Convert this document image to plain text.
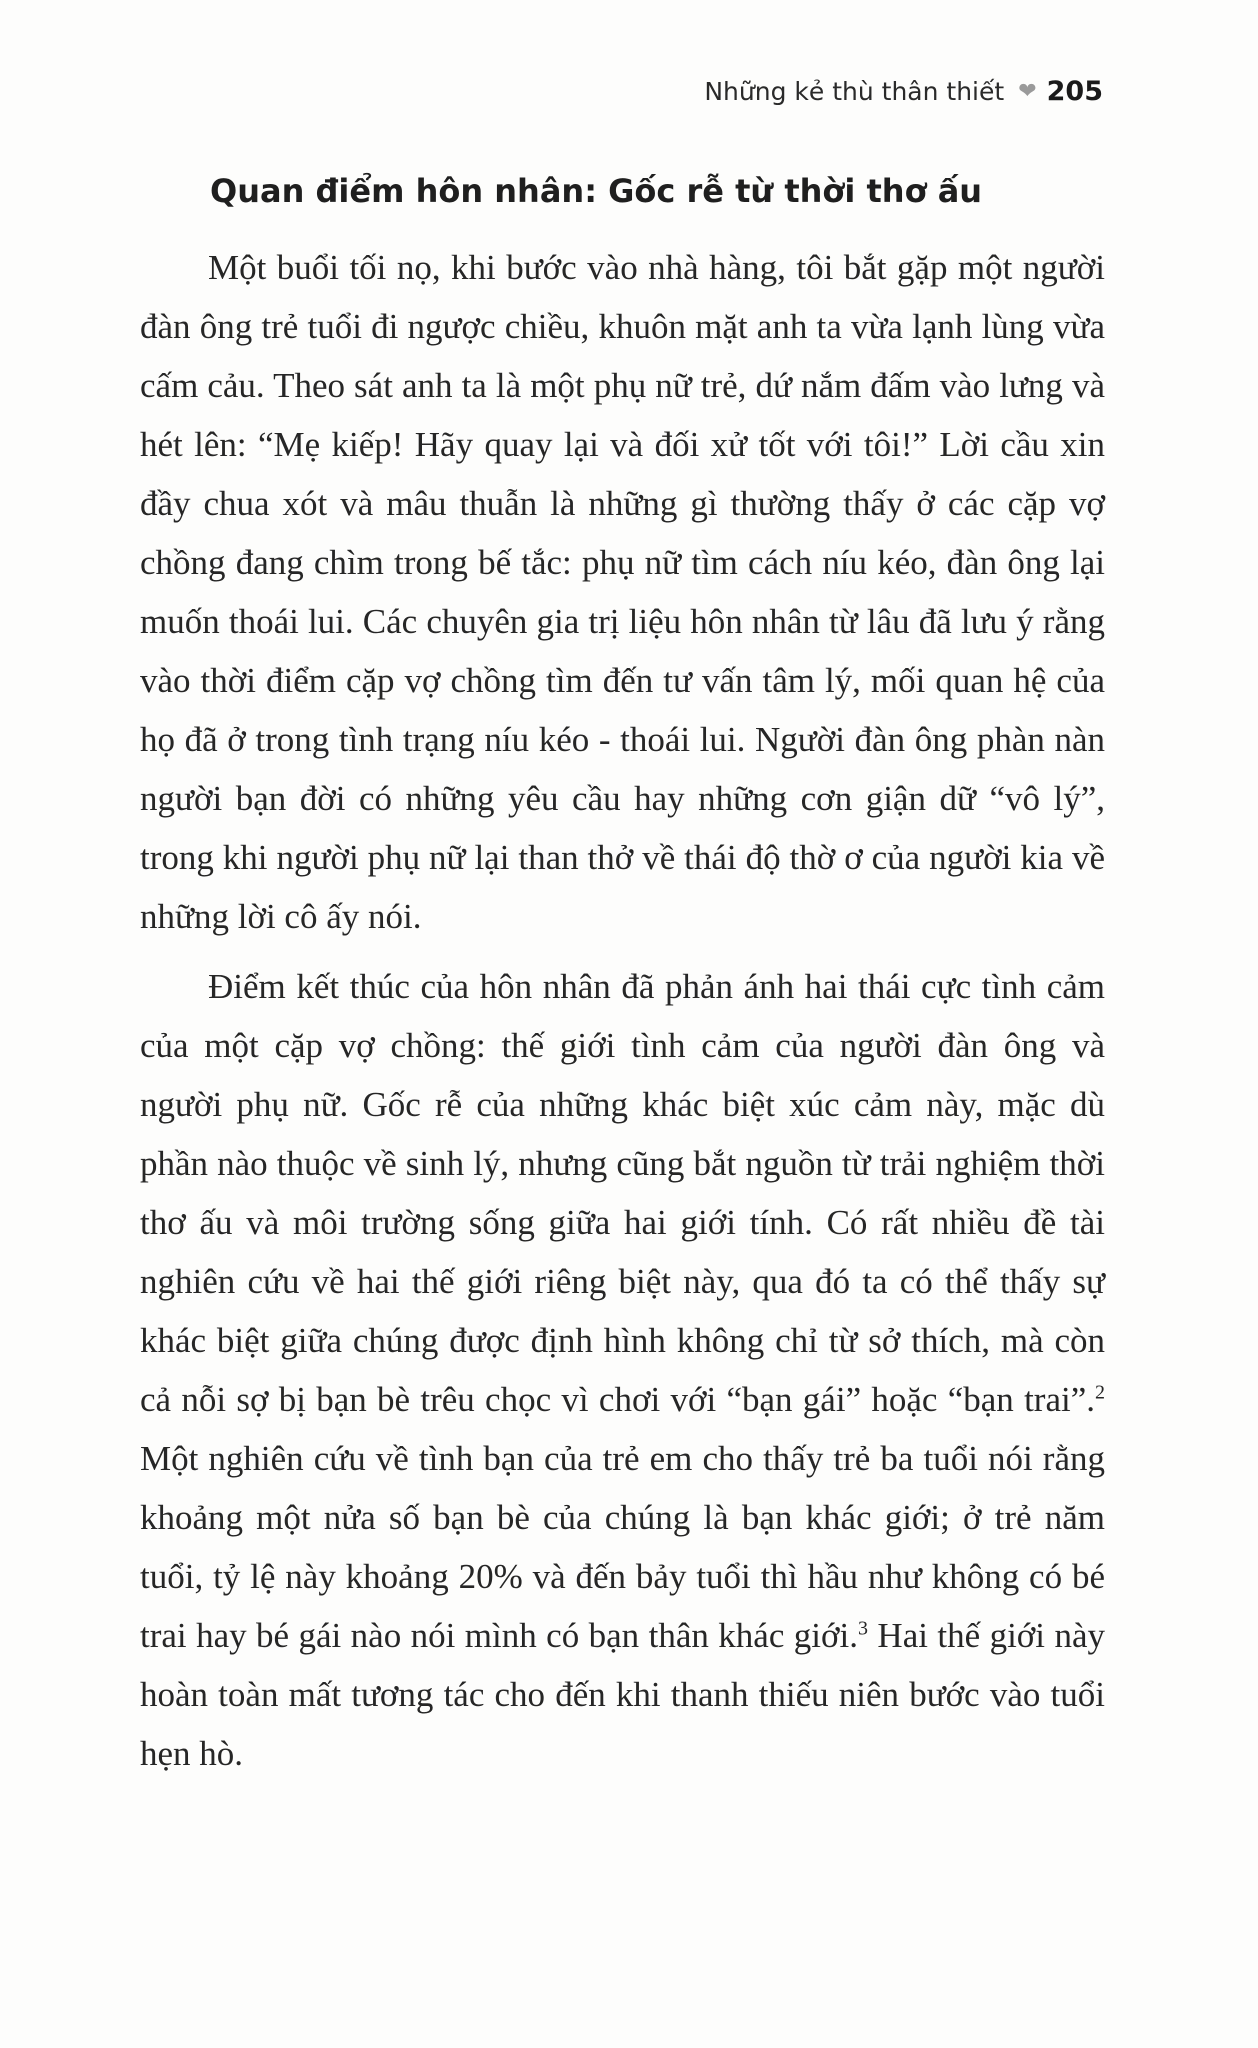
Những kẻ thù thân thiết ❤ 205
Quan điểm hôn nhân: Gốc rễ từ thời thơ ấu

Một buổi tối nọ, khi bước vào nhà hàng, tôi bắt gặp một người đàn ông trẻ tuổi đi ngược chiều, khuôn mặt anh ta vừa lạnh lùng vừa cấm cảu. Theo sát anh ta là một phụ nữ trẻ, dứ nắm đấm vào lưng và hét lên: “Mẹ kiếp! Hãy quay lại và đối xử tốt với tôi!” Lời cầu xin đầy chua xót và mâu thuẫn là những gì thường thấy ở các cặp vợ chồng đang chìm trong bế tắc: phụ nữ tìm cách níu kéo, đàn ông lại muốn thoái lui. Các chuyên gia trị liệu hôn nhân từ lâu đã lưu ý rằng vào thời điểm cặp vợ chồng tìm đến tư vấn tâm lý, mối quan hệ của họ đã ở trong tình trạng níu kéo - thoái lui. Người đàn ông phàn nàn người bạn đời có những yêu cầu hay những cơn giận dữ “vô lý”, trong khi người phụ nữ lại than thở về thái độ thờ ơ của người kia về những lời cô ấy nói.

Điểm kết thúc của hôn nhân đã phản ánh hai thái cực tình cảm của một cặp vợ chồng: thế giới tình cảm của người đàn ông và người phụ nữ. Gốc rễ của những khác biệt xúc cảm này, mặc dù phần nào thuộc về sinh lý, nhưng cũng bắt nguồn từ trải nghiệm thời thơ ấu và môi trường sống giữa hai giới tính. Có rất nhiều đề tài nghiên cứu về hai thế giới riêng biệt này, qua đó ta có thể thấy sự khác biệt giữa chúng được định hình không chỉ từ sở thích, mà còn cả nỗi sợ bị bạn bè trêu chọc vì chơi với “bạn gái” hoặc “bạn trai”.$^2$ Một nghiên cứu về tình bạn của trẻ em cho thấy trẻ ba tuổi nói rằng khoảng một nửa số bạn bè của chúng là bạn khác giới; ở trẻ năm tuổi, tỷ lệ này khoảng 20% và đến bảy tuổi thì hầu như không có bé trai hay bé gái nào nói mình có bạn thân khác giới.$^3$ Hai thế giới này hoàn toàn mất tương tác cho đến khi thanh thiếu niên bước vào tuổi hẹn hò.
